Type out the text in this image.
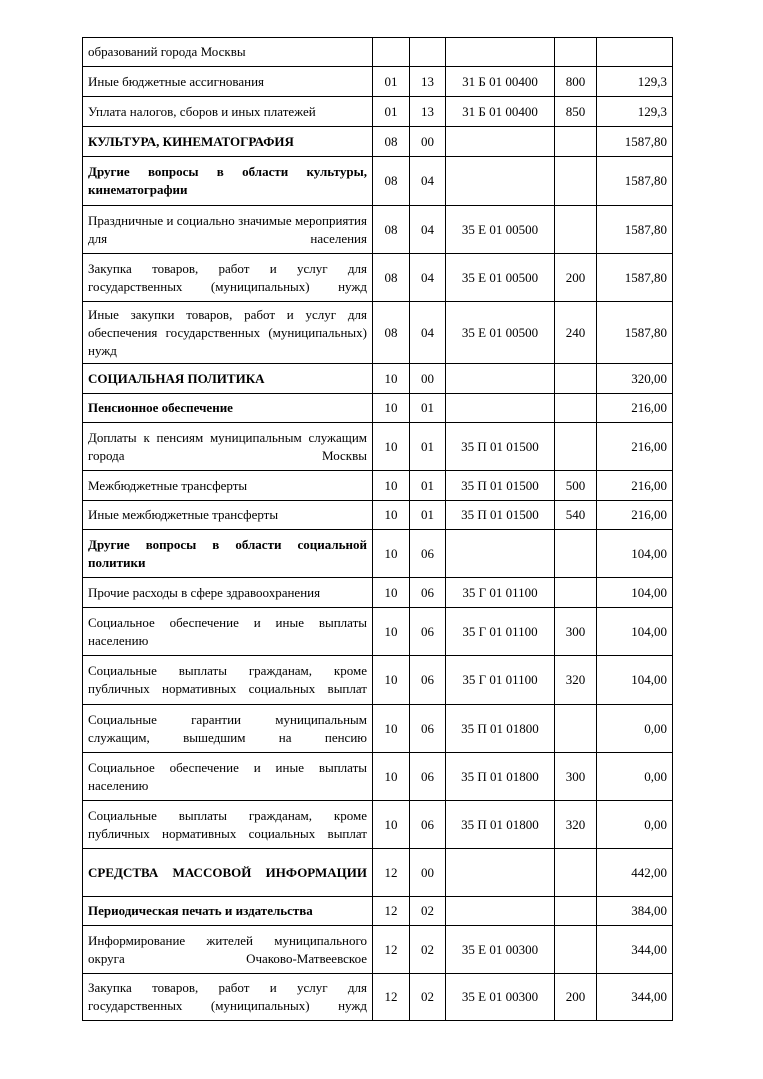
образований города Москвы					
Иные бюджетные ассигнования	01	13	31 Б 01 00400	800	129,3
Уплата налогов, сборов и иных платежей	01	13	31 Б 01 00400	850	129,3
КУЛЬТУРА, КИНЕМАТОГРАФИЯ	08	00			1587,80
Другие вопросы в области культуры, кинематографии	08	04			1587,80
Праздничные и социально значимые мероприятия для населения	08	04	35 Е 01 00500		1587,80
Закупка товаров, работ и услуг для государственных (муниципальных) нужд	08	04	35 Е 01 00500	200	1587,80
Иные закупки товаров, работ и услуг для обеспечения государственных (муниципальных) нужд	08	04	35 Е 01 00500	240	1587,80
СОЦИАЛЬНАЯ ПОЛИТИКА	10	00			320,00
Пенсионное обеспечение	10	01			216,00
Доплаты к пенсиям муниципальным служащим города Москвы	10	01	35 П 01 01500		216,00
Межбюджетные трансферты	10	01	35 П 01 01500	500	216,00
Иные межбюджетные трансферты	10	01	35 П 01 01500	540	216,00
Другие вопросы в области социальной политики	10	06			104,00
Прочие расходы в сфере здравоохранения	10	06	35 Г 01 01100		104,00
Социальное обеспечение и иные выплаты населению	10	06	35 Г 01 01100	300	104,00
Социальные выплаты гражданам, кроме публичных нормативных социальных выплат	10	06	35 Г 01 01100	320	104,00
Социальные гарантии муниципальным служащим, вышедшим на пенсию	10	06	35 П 01 01800		0,00
Социальное обеспечение и иные выплаты населению	10	06	35 П 01 01800	300	0,00
Социальные выплаты гражданам, кроме публичных нормативных социальных выплат	10	06	35 П 01 01800	320	0,00
СРЕДСТВА МАССОВОЙ ИНФОРМАЦИИ	12	00			442,00
Периодическая печать и издательства	12	02			384,00
Информирование жителей муниципального округа Очаково-Матвеевское	12	02	35 Е 01 00300		344,00
Закупка товаров, работ и услуг для государственных (муниципальных) нужд	12	02	35 Е 01 00300	200	344,00
